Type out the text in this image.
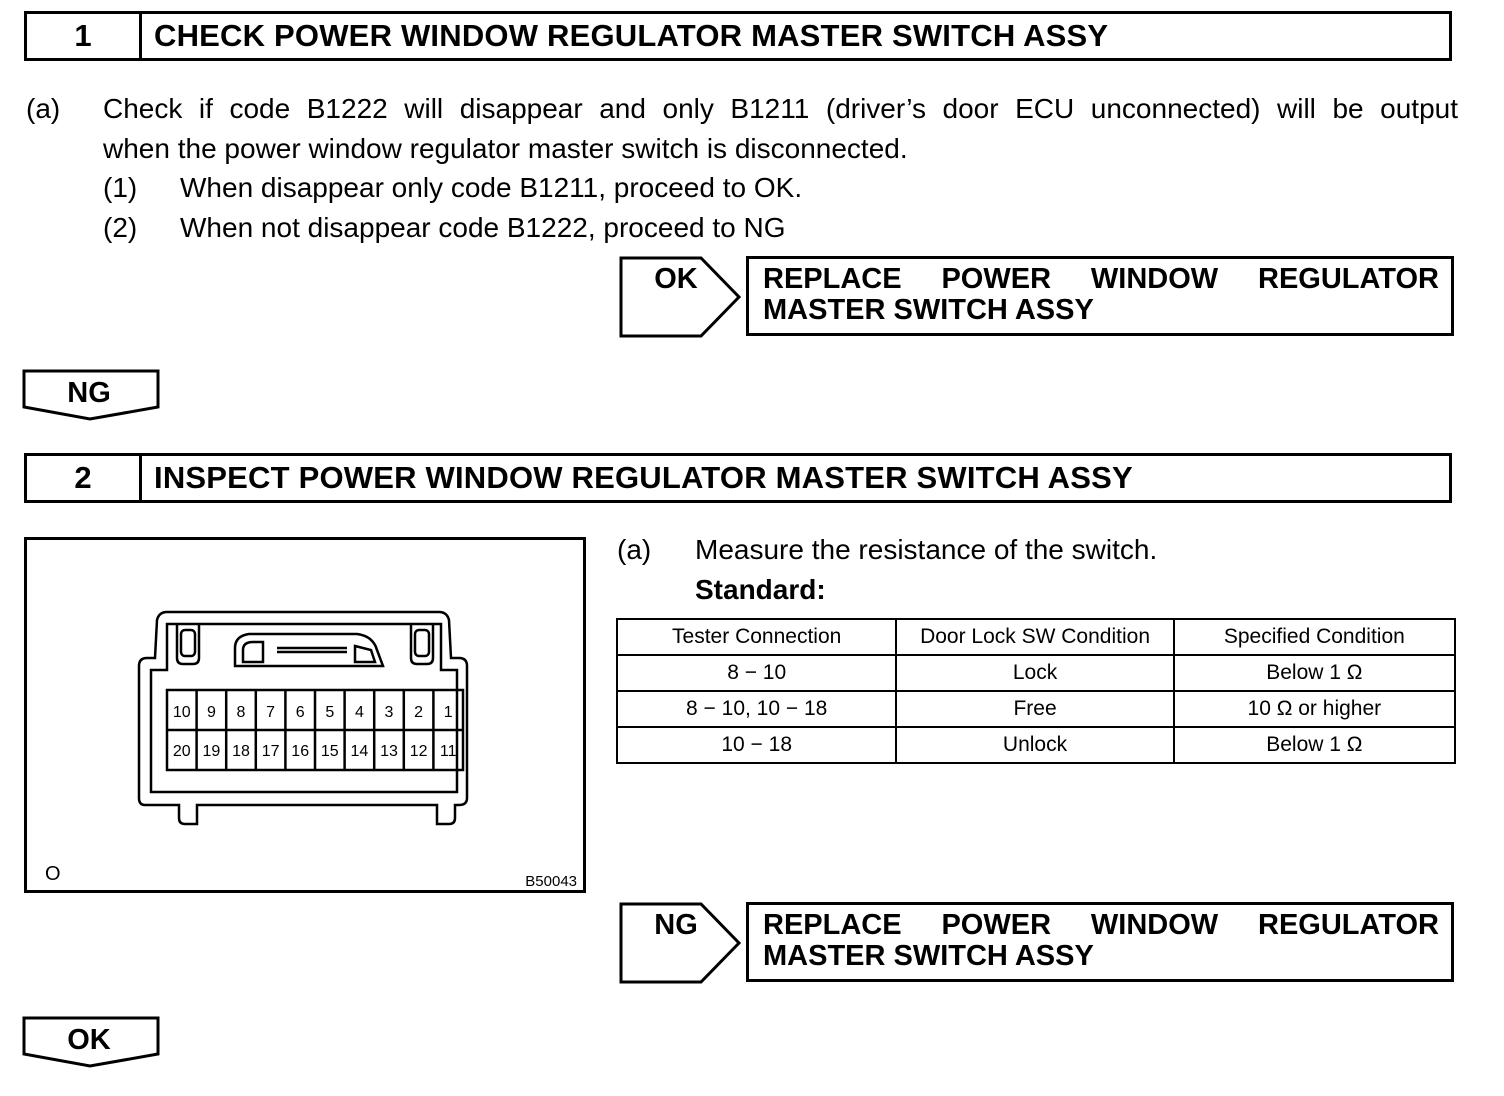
1	CHECK POWER WINDOW REGULATOR MASTER SWITCH ASSY
(a) Check if code B1222 will disappear and only B1211 (driver’s door ECU unconnected) will be output
when the power window regulator master switch is disconnected.
(1) When disappear only code B1211, proceed to OK.
(2) When not disappear code B1222, proceed to NG
OK	REPLACE POWER WINDOW REGULATOR
MASTER SWITCH ASSY
NG
2	INSPECT POWER WINDOW REGULATOR MASTER SWITCH ASSY
10 9 8 7 6 5 4 3 2 1
20 19 18 17 16 15 14 13 12 11
O	B50043
(a) Measure the resistance of the switch.
Standard:
Tester Connection	Door Lock SW Condition	Specified Condition
8 − 10	Lock	Below 1 Ω
8 − 10, 10 − 18	Free	10 Ω or higher
10 − 18	Unlock	Below 1 Ω
NG	REPLACE POWER WINDOW REGULATOR
MASTER SWITCH ASSY
OK
